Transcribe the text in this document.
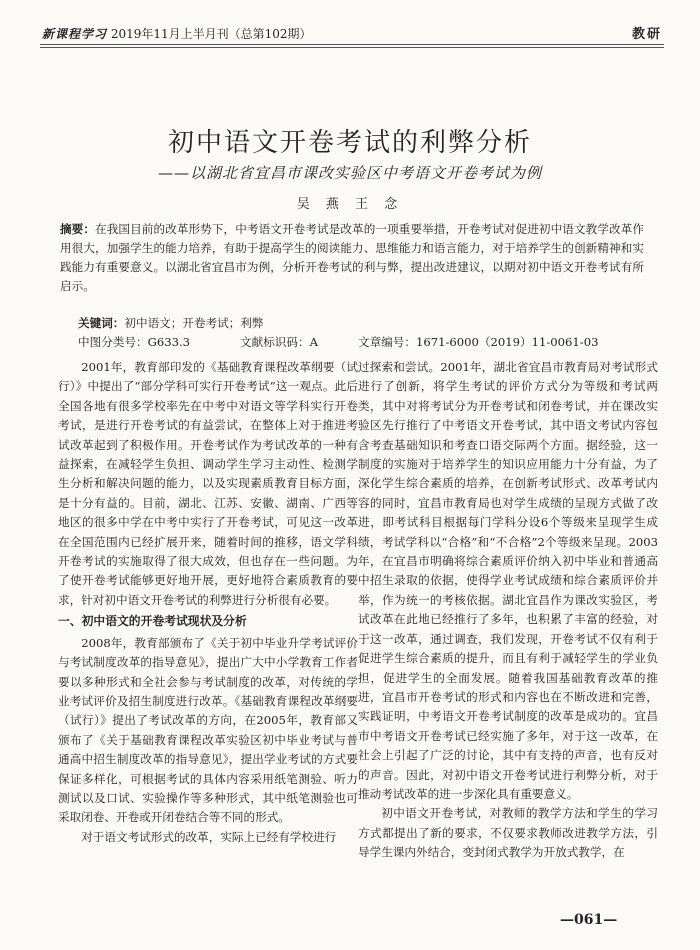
新课程学习 2019年11月上半月刊（总第102期）	教研
初中语文开卷考试的利弊分析
——以湖北省宜昌市课改实验区中考语文开卷考试为例
吴 燕 王 念
摘要：在我国目前的改革形势下，中考语文开卷考试是改革的一项重要举措，开卷考试对促进初中语文教学改革作用很大，加强学生的能力培养，有助于提高学生的阅读能力、思维能力和语言能力，对于培养学生的创新精神和实践能力有重要意义。以湖北省宜昌市为例，分析开卷考试的利与弊，提出改进建议，以期对初中语文开卷考试有所启示。
关键词：初中语文；开卷考试；利弊
中图分类号：G633.3	文献标识码：A	文章编号：1671-6000（2019）11-0061-03

2001年，教育部印发的《基础教育课程改革纲要（试行）》中提出了“部分学科可实行开卷考试”这一观点。此后全国各地有很多学校率先在中考中对语文等学科实行开卷考试，是进行开卷考试的有益尝试，在整体上对于推进考试改革起到了积极作用。开卷考试作为考试改革的一种有益探索，在减轻学生负担、调动学生学习主动性、检测学生分析和解决问题的能力，以及实现素质教育目标方面，是十分有益的。目前，湖北、江苏、安徽、湖南、广西等地区的很多中学在中考中实行了开卷考试，可见这一改革在全国范围内已经扩展开来，随着时间的推移，语文学科开卷考试的实施取得了很大成效，但也存在一些问题。为了使开卷考试能够更好地开展，更好地符合素质教育的要求，针对初中语文开卷考试的利弊进行分析很有必要。

一、初中语文的开卷考试现状及分析

2008年，教育部颁布了《关于初中毕业升学考试评价与考试制度改革的指导意见》，提出广大中小学教育工作者要以多种形式和全社会参与考试制度的改革，对传统的学业考试评价及招生制度进行改革。《基础教育课程改革纲要（试行）》提出了考试改革的方向，在2005年，教育部又颁布了《关于基础教育课程改革实验区初中毕业考试与普通高中招生制度改革的指导意见》，提出学业考试的方式要保证多样化，可根据考试的具体内容采用纸笔测验、听力测试以及口试、实验操作等多种形式，其中纸笔测验也可采取闭卷、开卷或开闭卷结合等不同的形式。

对于语文考试形式的改革，实际上已经有学校进行

过探索和尝试。2001年，湖北省宜昌市教育局对考试形式进行了创新，将学生考试的评价方式分为等级和考试两类，其中对将考试分为开卷考试和闭卷考试，并在课改实验区先行推行了中考语文开卷考试，其中语文考试内容包含考查基础知识和考查口语交际两个方面。据经验，这一制度的实施对于培养学生的知识应用能力十分有益，为了深化学生综合素质的培养，在创新考试形式、改革考试内容的同时，宜昌市教育局也对学生成绩的呈现方式做了改进，即考试科目根据每门学科分设6个等级来呈现学生成绩，考试学科以“合格”和“不合格”2个等级来呈现。2003年，在宜昌市明确将综合素质评价纳入初中毕业和普通高中招生录取的依据，使得学业考试成绩和综合素质评价并举，作为统一的考核依据。湖北宜昌作为课改实验区，考试改革在此地已经推行了多年，也积累了丰富的经验，对于这一改革，通过调查，我们发现，开卷考试不仅有利于促进学生综合素质的提升，而且有利于减轻学生的学业负担，促进学生的全面发展。随着我国基础教育改革的推进，宜昌市开卷考试的形式和内容也在不断改进和完善，实践证明，中考语文开卷考试制度的改革是成功的。宜昌市中考语文开卷考试已经实施了多年，对于这一改革，在社会上引起了广泛的讨论，其中有支持的声音，也有反对的声音。因此，对初中语文开卷考试进行利弊分析，对于推动考试改革的进一步深化具有重要意义。

初中语文开卷考试，对教师的教学方法和学生的学习方式都提出了新的要求，不仅要求教师改进教学方法，引导学生课内外结合，变封闭式教学为开放式教学，在

—061—
